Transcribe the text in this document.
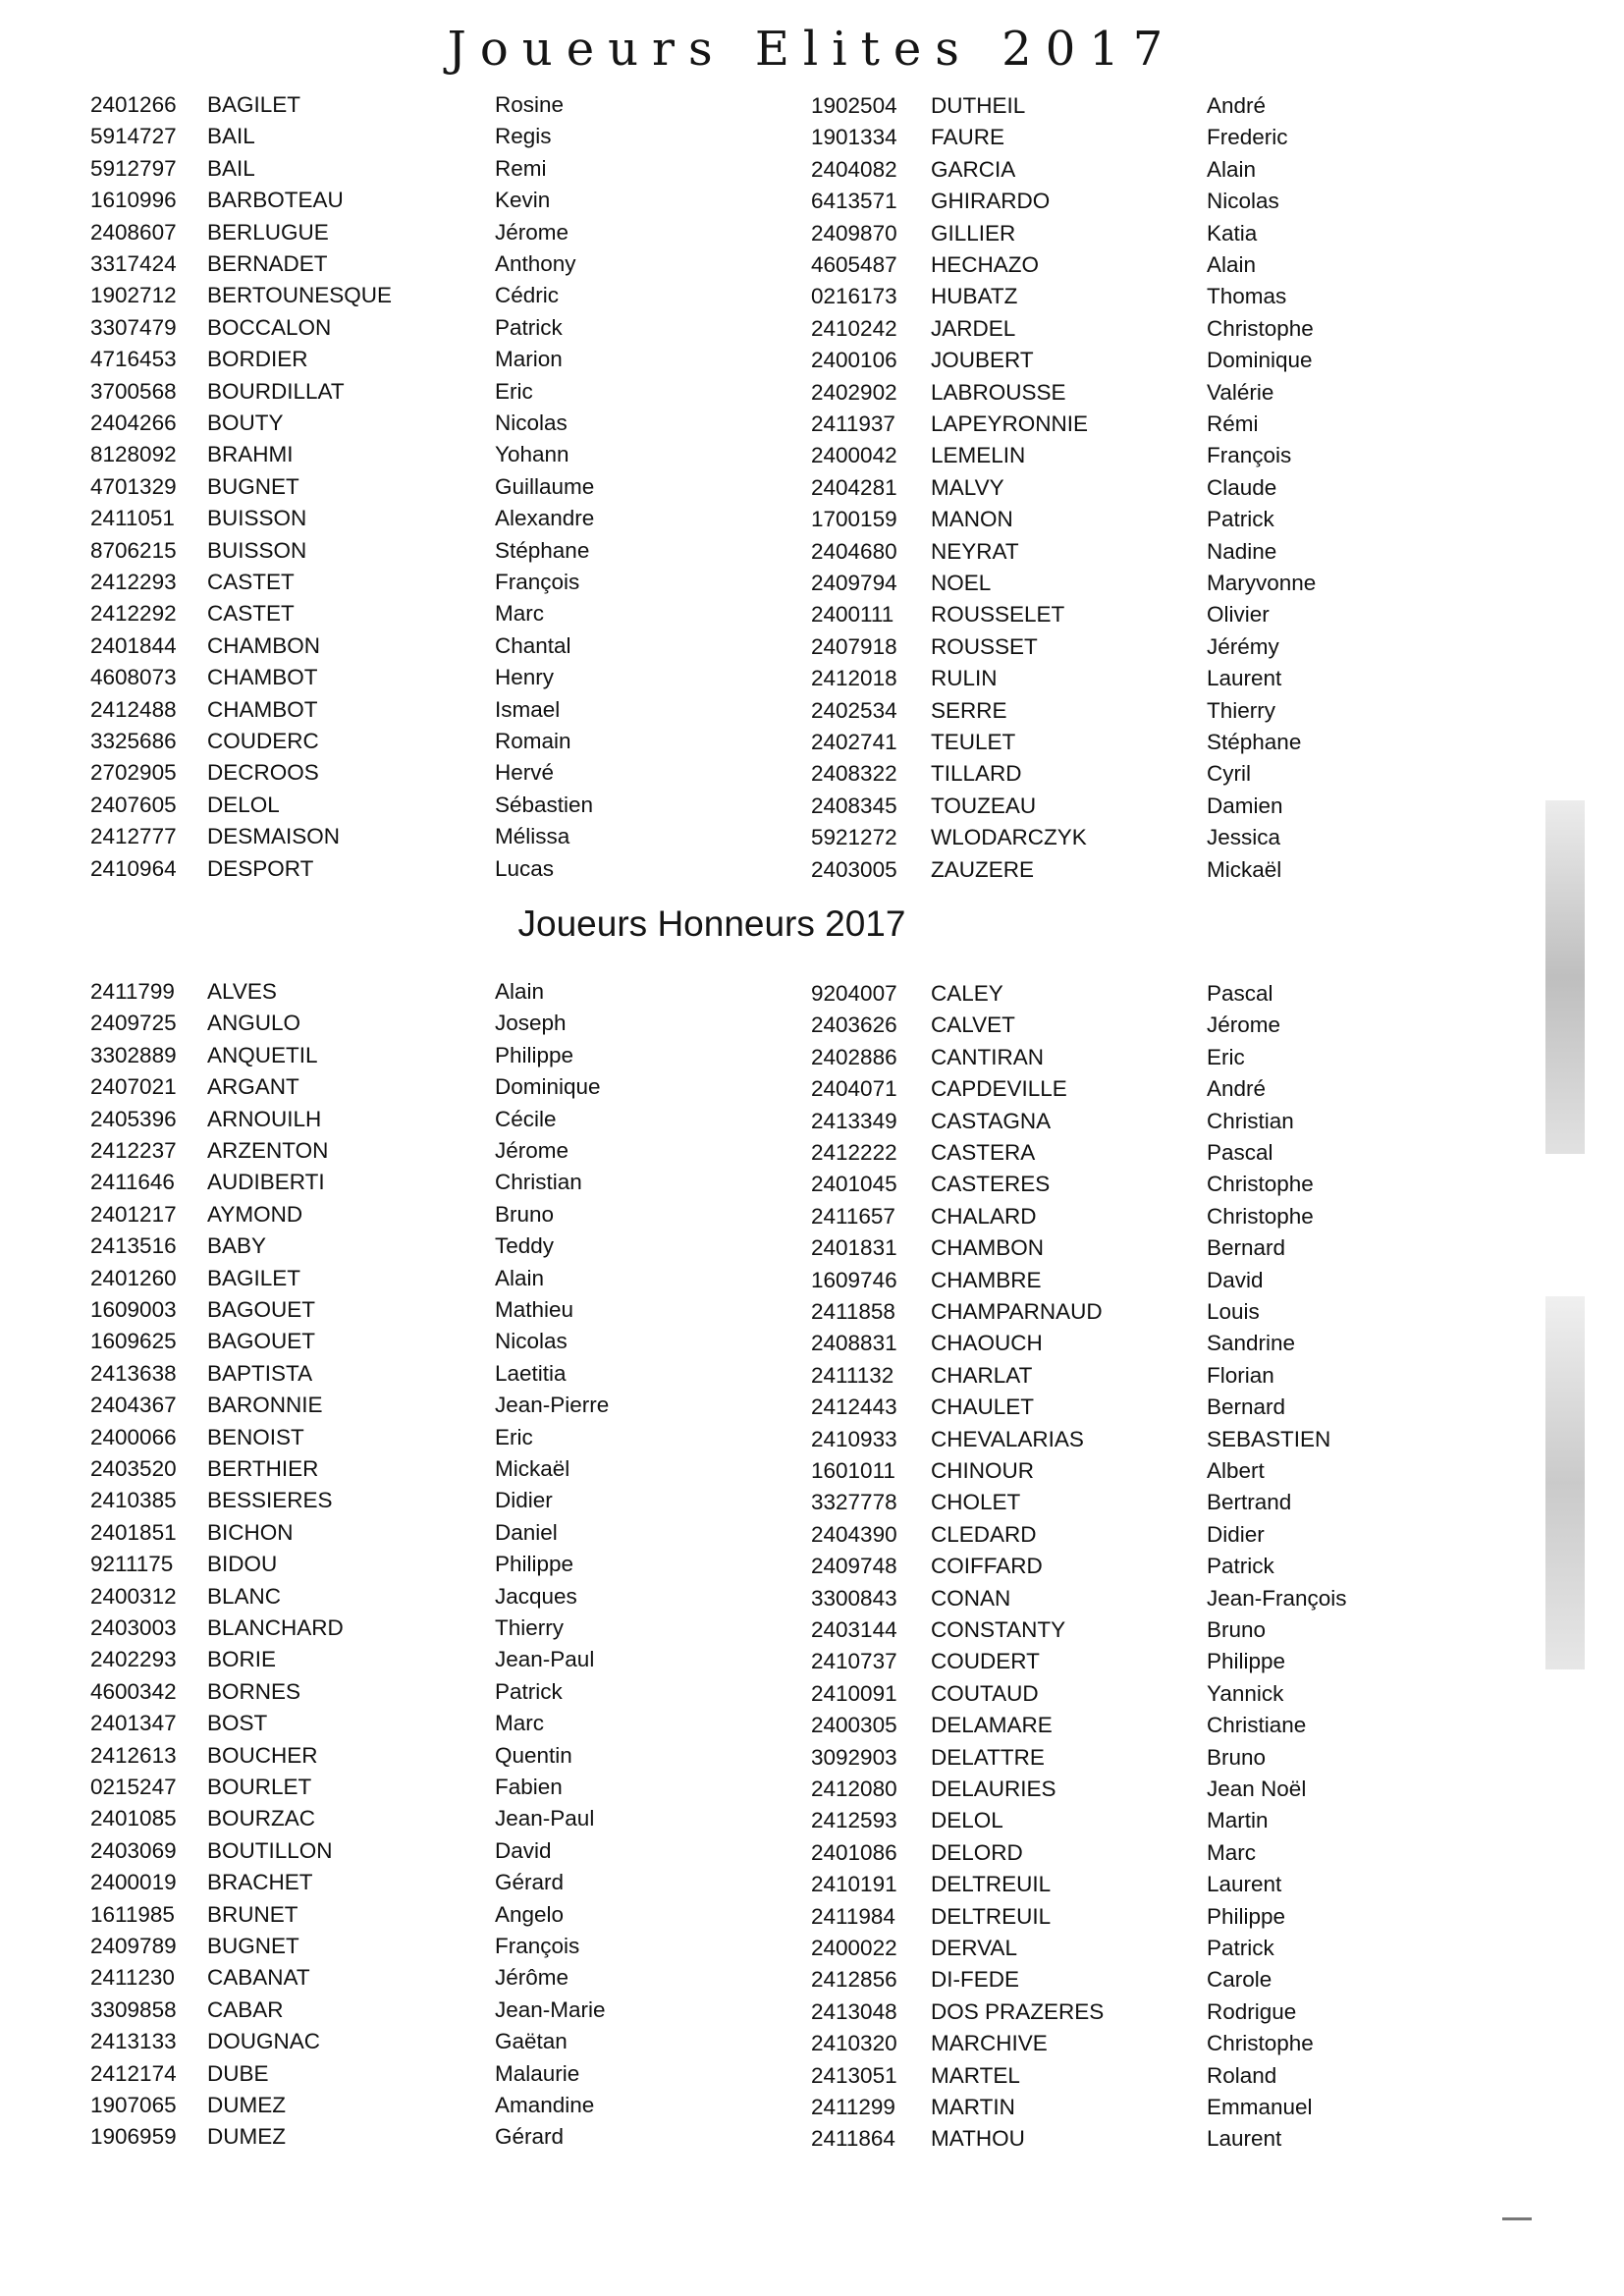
Joueurs Elites 2017
2401266 BAGILET	Rosine
5914727 BAIL	Regis
5912797 BAIL	Remi
1610996 BARBOTEAU	Kevin
2408607 BERLUGUE	Jérome
3317424 BERNADET	Anthony
1902712 BERTOUNESQUE	Cédric
3307479 BOCCALON	Patrick
4716453 BORDIER	Marion
3700568 BOURDILLAT	Eric
2404266 BOUTY	Nicolas
8128092 BRAHMI	Yohann
4701329 BUGNET	Guillaume
2411051 BUISSON	Alexandre
8706215 BUISSON	Stéphane
2412293 CASTET	François
2412292 CASTET	Marc
2401844 CHAMBON	Chantal
4608073 CHAMBOT	Henry
2412488 CHAMBOT	Ismael
3325686 COUDERC	Romain
2702905 DECROOS	Hervé
2407605 DELOL	Sébastien
2412777 DESMAISON	Mélissa
2410964 DESPORT	Lucas
1902504 DUTHEIL	André
1901334 FAURE	Frederic
2404082 GARCIA	Alain
6413571 GHIRARDO	Nicolas
2409870 GILLIER	Katia
4605487 HECHAZO	Alain
0216173 HUBATZ	Thomas
2410242 JARDEL	Christophe
2400106 JOUBERT	Dominique
2402902 LABROUSSE	Valérie
2411937 LAPEYRONNIE	Rémi
2400042 LEMELIN	François
2404281 MALVY	Claude
1700159 MANON	Patrick
2404680 NEYRAT	Nadine
2409794 NOEL	Maryvonne
2400111 ROUSSELET	Olivier
2407918 ROUSSET	Jérémy
2412018 RULIN	Laurent
2402534 SERRE	Thierry
2402741 TEULET	Stéphane
2408322 TILLARD	Cyril
2408345 TOUZEAU	Damien
5921272 WLODARCZYK	Jessica
2403005 ZAUZERE	Mickaël
Joueurs Honneurs 2017
2411799 ALVES	Alain
2409725 ANGULO	Joseph
3302889 ANQUETIL	Philippe
2407021 ARGANT	Dominique
2405396 ARNOUILH	Cécile
2412237 ARZENTON	Jérome
2411646 AUDIBERTI	Christian
2401217 AYMOND	Bruno
2413516 BABY	Teddy
2401260 BAGILET	Alain
1609003 BAGOUET	Mathieu
1609625 BAGOUET	Nicolas
2413638 BAPTISTA	Laetitia
2404367 BARONNIE	Jean-Pierre
2400066 BENOIST	Eric
2403520 BERTHIER	Mickaël
2410385 BESSIERES	Didier
2401851 BICHON	Daniel
9211175 BIDOU	Philippe
2400312 BLANC	Jacques
2403003 BLANCHARD	Thierry
2402293 BORIE	Jean-Paul
4600342 BORNES	Patrick
2401347 BOST	Marc
2412613 BOUCHER	Quentin
0215247 BOURLET	Fabien
2401085 BOURZAC	Jean-Paul
2403069 BOUTILLON	David
2400019 BRACHET	Gérard
1611985 BRUNET	Angelo
2409789 BUGNET	François
2411230 CABANAT	Jérôme
3309858 CABAR	Jean-Marie
2413133 DOUGNAC	Gaëtan
2412174 DUBE	Malaurie
1907065 DUMEZ	Amandine
1906959 DUMEZ	Gérard
9204007 CALEY	Pascal
2403626 CALVET	Jérome
2402886 CANTIRAN	Eric
2404071 CAPDEVILLE	André
2413349 CASTAGNA	Christian
2412222 CASTERA	Pascal
2401045 CASTERES	Christophe
2411657 CHALARD	Christophe
2401831 CHAMBON	Bernard
1609746 CHAMBRE	David
2411858 CHAMPARNAUD	Louis
2408831 CHAOUCH	Sandrine
2411132 CHARLAT	Florian
2412443 CHAULET	Bernard
2410933 CHEVALARIAS	SEBASTIEN
1601011 CHINOUR	Albert
3327778 CHOLET	Bertrand
2404390 CLEDARD	Didier
2409748 COIFFARD	Patrick
3300843 CONAN	Jean-François
2403144 CONSTANTY	Bruno
2410737 COUDERT	Philippe
2410091 COUTAUD	Yannick
2400305 DELAMARE	Christiane
3092903 DELATTRE	Bruno
2412080 DELAURIES	Jean Noël
2412593 DELOL	Martin
2401086 DELORD	Marc
2410191 DELTREUIL	Laurent
2411984 DELTREUIL	Philippe
2400022 DERVAL	Patrick
2412856 DI-FEDE	Carole
2413048 DOS PRAZERES	Rodrigue
2410320 MARCHIVE	Christophe
2413051 MARTEL	Roland
2411299 MARTIN	Emmanuel
2411864 MATHOU	Laurent
